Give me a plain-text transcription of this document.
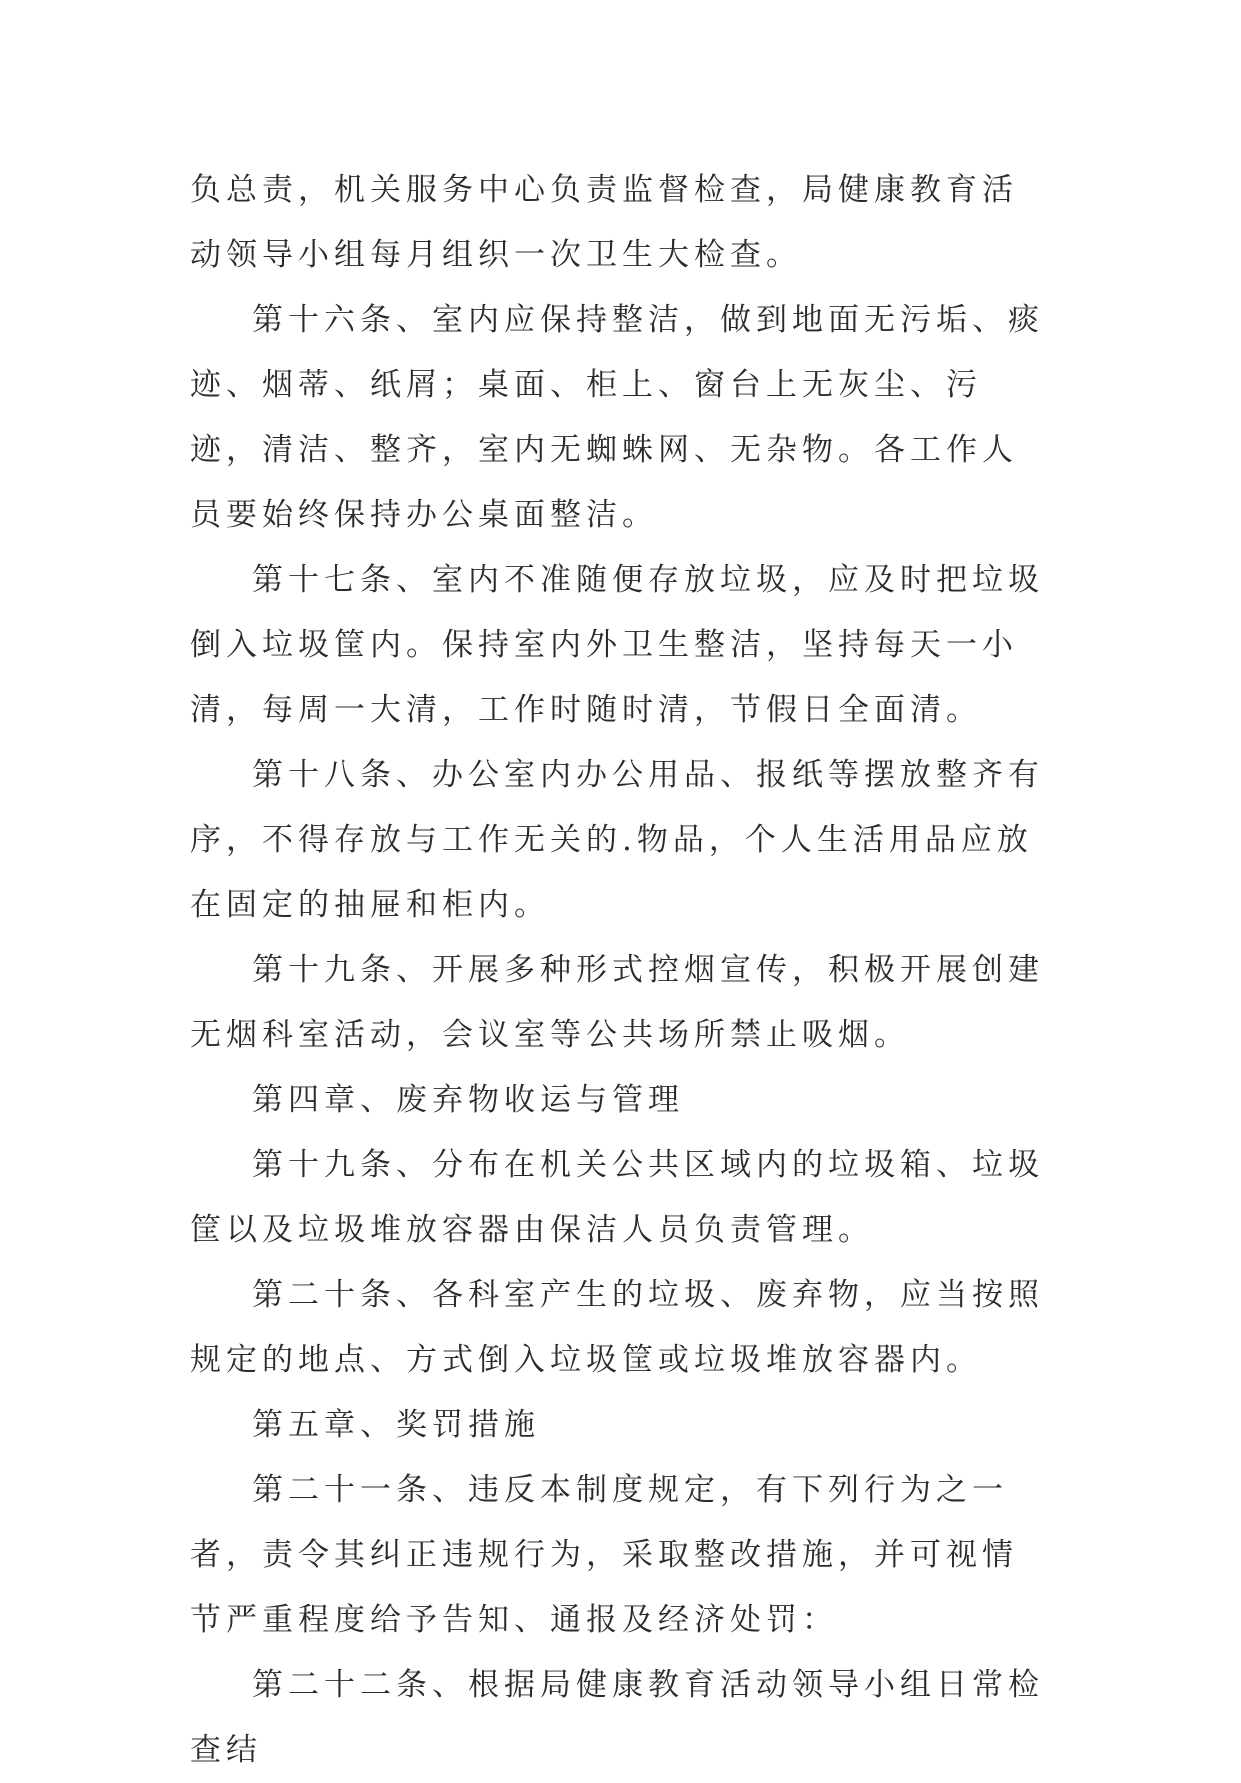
负总责，机关服务中心负责监督检查，局健康教育活动领导小组每月组织一次卫生大检查。

第十六条、室内应保持整洁，做到地面无污垢、痰迹、烟蒂、纸屑；桌面、柜上、窗台上无灰尘、污迹，清洁、整齐，室内无蜘蛛网、无杂物。各工作人员要始终保持办公桌面整洁。

第十七条、室内不准随便存放垃圾，应及时把垃圾倒入垃圾筐内。保持室内外卫生整洁，坚持每天一小清，每周一大清，工作时随时清，节假日全面清。

第十八条、办公室内办公用品、报纸等摆放整齐有序，不得存放与工作无关的.物品，个人生活用品应放在固定的抽屉和柜内。

第十九条、开展多种形式控烟宣传，积极开展创建无烟科室活动，会议室等公共场所禁止吸烟。

第四章、废弃物收运与管理

第十九条、分布在机关公共区域内的垃圾箱、垃圾筐以及垃圾堆放容器由保洁人员负责管理。

第二十条、各科室产生的垃圾、废弃物，应当按照规定的地点、方式倒入垃圾筐或垃圾堆放容器内。

第五章、奖罚措施

第二十一条、违反本制度规定，有下列行为之一者，责令其纠正违规行为，采取整改措施，并可视情节严重程度给予告知、通报及经济处罚：

第二十二条、根据局健康教育活动领导小组日常检查结
